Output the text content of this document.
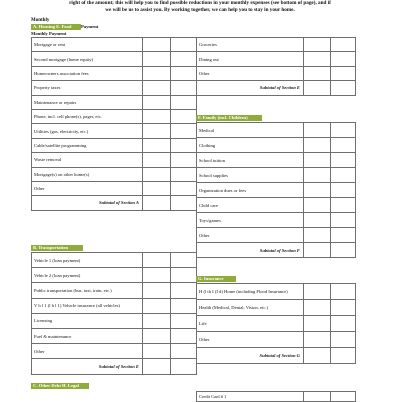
right of the amount; this will help you to find possible reductions in your monthly expenses (see bottom of page), and if
we will be us to assist you. By working together, we can help you to stay in your home.
Monthly
A. Housing E. Food	Payment
Monthly Payment
Mortgage or rent		
Second mortgage (home equity)		
Homeowners association fees		
Property taxes		
Maintenance or repairs		
Phone, incl. cell phone(s), pager, etc.		
Utilities (gas, electricity, etc.)		
Cable/satellite programming		
Waste removal		
Mortgage(s) on other home(s)		
Other		
Subtotal of Section A		
Groceries		
Dining out		
Other		
Subtotal of Section E		
F. Family (incl. Children)
Medical		
Clothing		
School tuition		
School supplies		
Organization dues or fees		
Child care		
Toys/games		
Other		
Subtotal of Section F		
B. Transportation
Vehicle 1 (loan payment)		
Vehicle 2 (loan payment)		
Public transportation (bus, taxi, train, etc.)		
V h l 1 (l h l 1) Vehicle insurance (all vehicles)		
Licensing		
Fuel & maintenance		
Other		
Subtotal of Section E		
G. Insurance
H (l th I (I d) Home (including Flood Insurance)		
Health (Medical, Dental, Vision, etc.)		
Life		
Other		
Subtotal of Section G		
C. Other Debt H. Legal
Credit Card # 1		
